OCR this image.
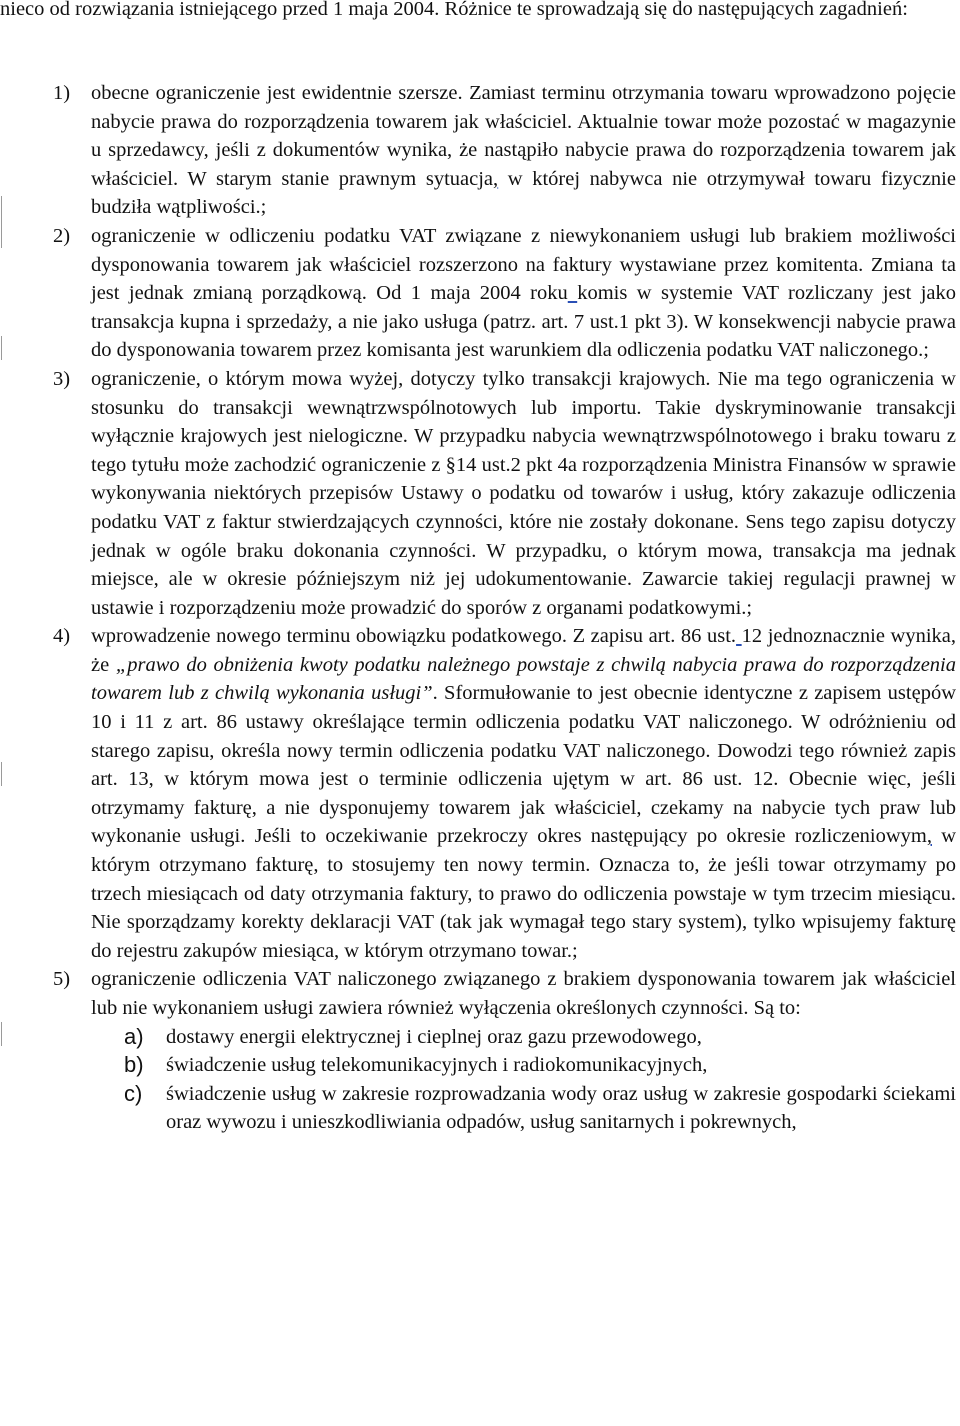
nieco od rozwiązania istniejącego przed 1 maja 2004. Różnice te sprowadzają się do następujących zagadnień:

1)	obecne ograniczenie jest ewidentnie szersze. Zamiast terminu otrzymania towaru wprowadzono pojęcie nabycie prawa do rozporządzenia towarem jak właściciel. Aktualnie towar może pozostać w magazynie u sprzedawcy, jeśli z dokumentów wynika, że nastąpiło nabycie prawa do rozporządzenia towarem jak właściciel. W starym stanie prawnym sytuacja, w której nabywca nie otrzymywał towaru fizycznie budziła wątpliwości.;
2)	ograniczenie w odliczeniu podatku VAT związane z niewykonaniem usługi lub brakiem możliwości dysponowania towarem jak właściciel rozszerzono na faktury wystawiane przez komitenta. Zmiana ta jest jednak zmianą porządkową. Od 1 maja 2004 roku komis w systemie VAT rozliczany jest jako transakcja kupna i sprzedaży, a nie jako usługa (patrz. art. 7 ust.1 pkt 3). W konsekwencji nabycie prawa do dysponowania towarem przez komisanta jest warunkiem dla odliczenia podatku VAT naliczonego.;
3)	ograniczenie, o którym mowa wyżej, dotyczy tylko transakcji krajowych. Nie ma tego ograniczenia w stosunku do transakcji wewnątrzwspólnotowych lub importu. Takie dyskryminowanie transakcji wyłącznie krajowych jest nielogiczne. W przypadku nabycia wewnątrzwspólnotowego i braku towaru z tego tytułu może zachodzić ograniczenie z §14 ust.2 pkt 4a rozporządzenia Ministra Finansów w sprawie wykonywania niektórych przepisów Ustawy o podatku od towarów i usług, który zakazuje odliczenia podatku VAT z faktur stwierdzających czynności, które nie zostały dokonane. Sens tego zapisu dotyczy jednak w ogóle braku dokonania czynności. W przypadku, o którym mowa, transakcja ma jednak miejsce, ale w okresie późniejszym niż jej udokumentowanie. Zawarcie takiej regulacji prawnej w ustawie i rozporządzeniu może prowadzić do sporów z organami podatkowymi.;
4)	wprowadzenie nowego terminu obowiązku podatkowego. Z zapisu art. 86 ust. 12 jednoznacznie wynika, że „prawo do obniżenia kwoty podatku należnego powstaje z chwilą nabycia prawa do rozporządzenia towarem lub z chwilą wykonania usługi”. Sformułowanie to jest obecnie identyczne z zapisem ustępów 10 i 11 z art. 86 ustawy określające termin odliczenia podatku VAT naliczonego. W odróżnieniu od starego zapisu, określa nowy termin odliczenia podatku VAT naliczonego. Dowodzi tego również zapis art. 13, w którym mowa jest o terminie odliczenia ujętym w art. 86 ust. 12. Obecnie więc, jeśli otrzymamy fakturę, a nie dysponujemy towarem jak właściciel, czekamy na nabycie tych praw lub wykonanie usługi. Jeśli to oczekiwanie przekroczy okres następujący po okresie rozliczeniowym, w którym otrzymano fakturę, to stosujemy ten nowy termin. Oznacza to, że jeśli towar otrzymamy po trzech miesiącach od daty otrzymania faktury, to prawo do odliczenia powstaje w tym trzecim miesiącu. Nie sporządzamy korekty deklaracji VAT (tak jak wymagał tego stary system), tylko wpisujemy fakturę do rejestru zakupów miesiąca, w którym otrzymano towar.;
5)	ograniczenie odliczenia VAT naliczonego związanego z brakiem dysponowania towarem jak właściciel lub nie wykonaniem usługi zawiera również wyłączenia określonych czynności. Są to:
a) dostawy energii elektrycznej i cieplnej oraz gazu przewodowego,
b) świadczenie usług telekomunikacyjnych i radiokomunikacyjnych,
c) świadczenie usług w zakresie rozprowadzania wody oraz usług w zakresie gospodarki ściekami oraz wywozu i unieszkodliwiania odpadów, usług sanitarnych i pokrewnych,
